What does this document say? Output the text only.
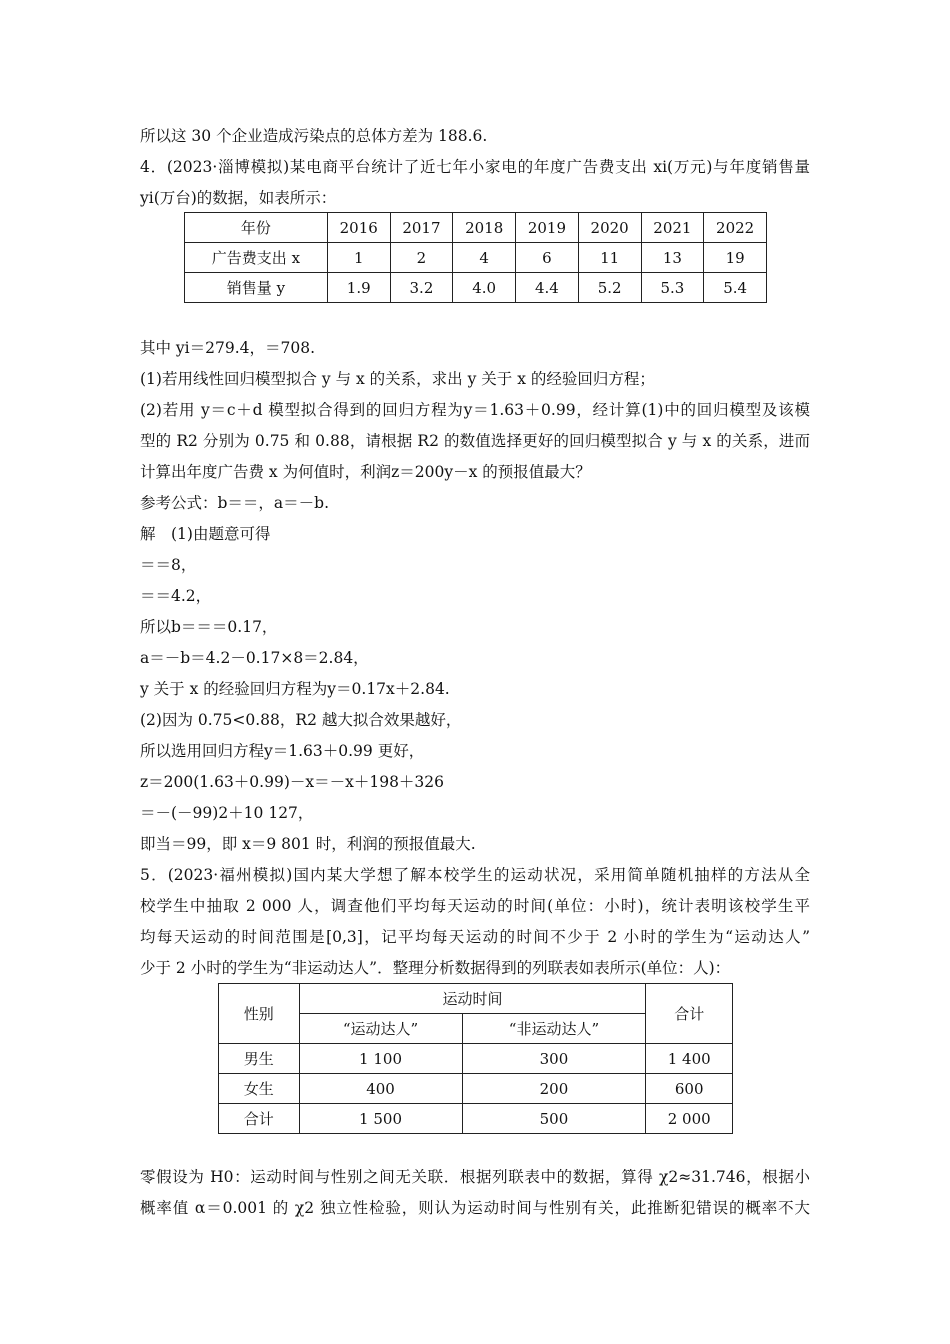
所以这 30 个企业造成污染点的总体方差为 188.6.
4．(2023·淄博模拟)某电商平台统计了近七年小家电的年度广告费支出 xi(万元)与年度销售量
yi(万台)的数据，如表所示：
年份	2016	2017	2018	2019	2020	2021	2022
广告费支出 x	1	2	4	6	11	13	19
销售量 y	1.9	3.2	4.0	4.4	5.2	5.3	5.4
其中 yi＝279.4，＝708.
(1)若用线性回归模型拟合 y 与 x 的关系，求出 y 关于 x 的经验回归方程；
(2)若用 y＝c＋d 模型拟合得到的回归方程为y＝1.63＋0.99，经计算(1)中的回归模型及该模
型的 R2 分别为 0.75 和 0.88，请根据 R2 的数值选择更好的回归模型拟合 y 与 x 的关系，进而
计算出年度广告费 x 为何值时，利润z＝200y－x 的预报值最大？
参考公式：b＝＝，a＝－b.
解　(1)由题意可得
＝＝8，
＝＝4.2，
所以b＝＝＝0.17，
a＝－b＝4.2－0.17×8＝2.84，
y 关于 x 的经验回归方程为y＝0.17x＋2.84.
(2)因为 0.75<0.88，R2 越大拟合效果越好，
所以选用回归方程y＝1.63＋0.99 更好，
z＝200(1.63＋0.99)－x＝－x＋198＋326
＝－(－99)2＋10 127，
即当＝99，即 x＝9 801 时，利润的预报值最大.
5．(2023·福州模拟)国内某大学想了解本校学生的运动状况，采用简单随机抽样的方法从全
校学生中抽取 2 000 人，调查他们平均每天运动的时间(单位：小时)，统计表明该校学生平
均每天运动的时间范围是[0,3]，记平均每天运动的时间不少于 2 小时的学生为“运动达人”
少于 2 小时的学生为“非运动达人”．整理分析数据得到的列联表如表所示(单位：人)：
性别	运动时间		合计
	“运动达人”	“非运动达人”	
男生	1 100	300	1 400
女生	400	200	600
合计	1 500	500	2 000
零假设为 H0：运动时间与性别之间无关联．根据列联表中的数据，算得 χ2≈31.746，根据小
概率值 α＝0.001 的 χ2 独立性检验，则认为运动时间与性别有关，此推断犯错误的概率不大
